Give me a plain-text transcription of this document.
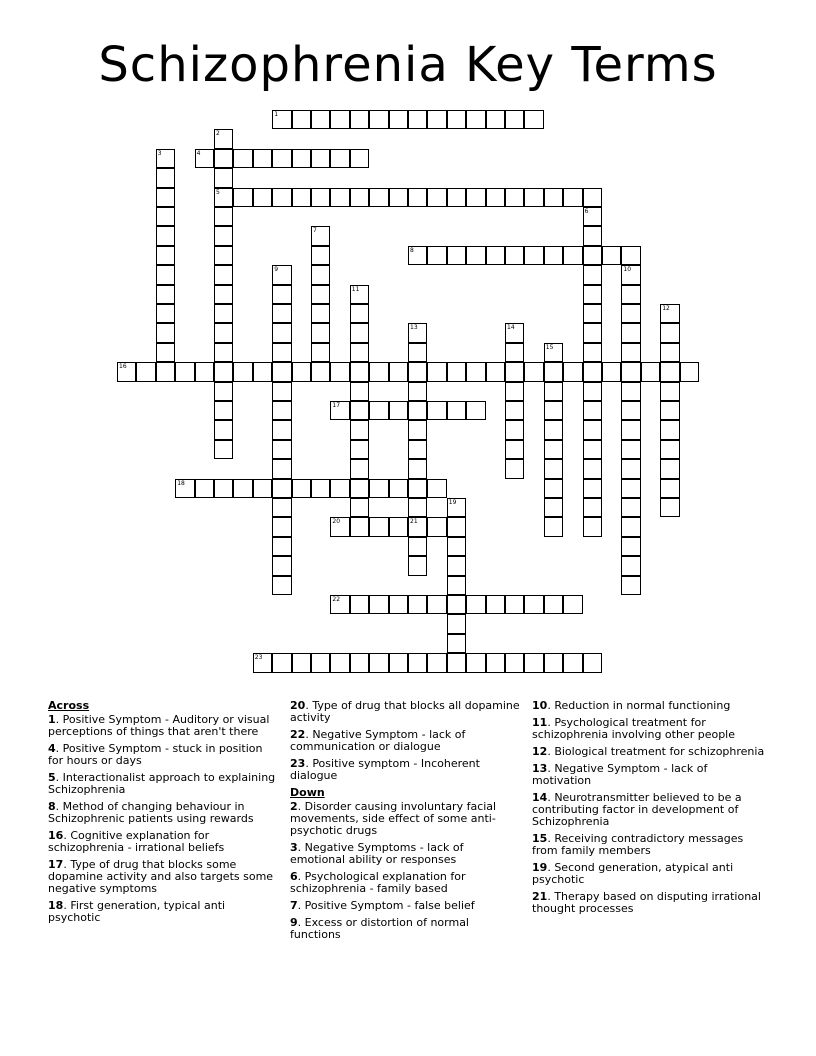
Schizophrenia Key Terms
1
2
3	4
5
6
7
8
9	10
11
12
13	14
15
16
17
18
19
20	21
22
23
Across
1. Positive Symptom - Auditory or visual perceptions of things that aren't there
4. Positive Symptom - stuck in position for hours or days
5. Interactionalist approach to explaining Schizophrenia
8. Method of changing behaviour in Schizophrenic patients using rewards
16. Cognitive explanation for schizophrenia - irrational beliefs
17. Type of drug that blocks some dopamine activity and also targets some negative symptoms
18. First generation, typical anti psychotic
20. Type of drug that blocks all dopamine activity
22. Negative Symptom - lack of communication or dialogue
23. Positive symptom - Incoherent dialogue
Down
2. Disorder causing involuntary facial movements, side effect of some anti-psychotic drugs
3. Negative Symptoms - lack of emotional ability or responses
6. Psychological explanation for schizophrenia - family based
7. Positive Symptom - false belief
9. Excess or distortion of normal functions
10. Reduction in normal functioning
11. Psychological treatment for schizophrenia involving other people
12. Biological treatment for schizophrenia
13. Negative Symptom - lack of motivation
14. Neurotransmitter believed to be a contributing factor in development of Schizophrenia
15. Receiving contradictory messages from family members
19. Second generation, atypical anti psychotic
21. Therapy based on disputing irrational thought processes
